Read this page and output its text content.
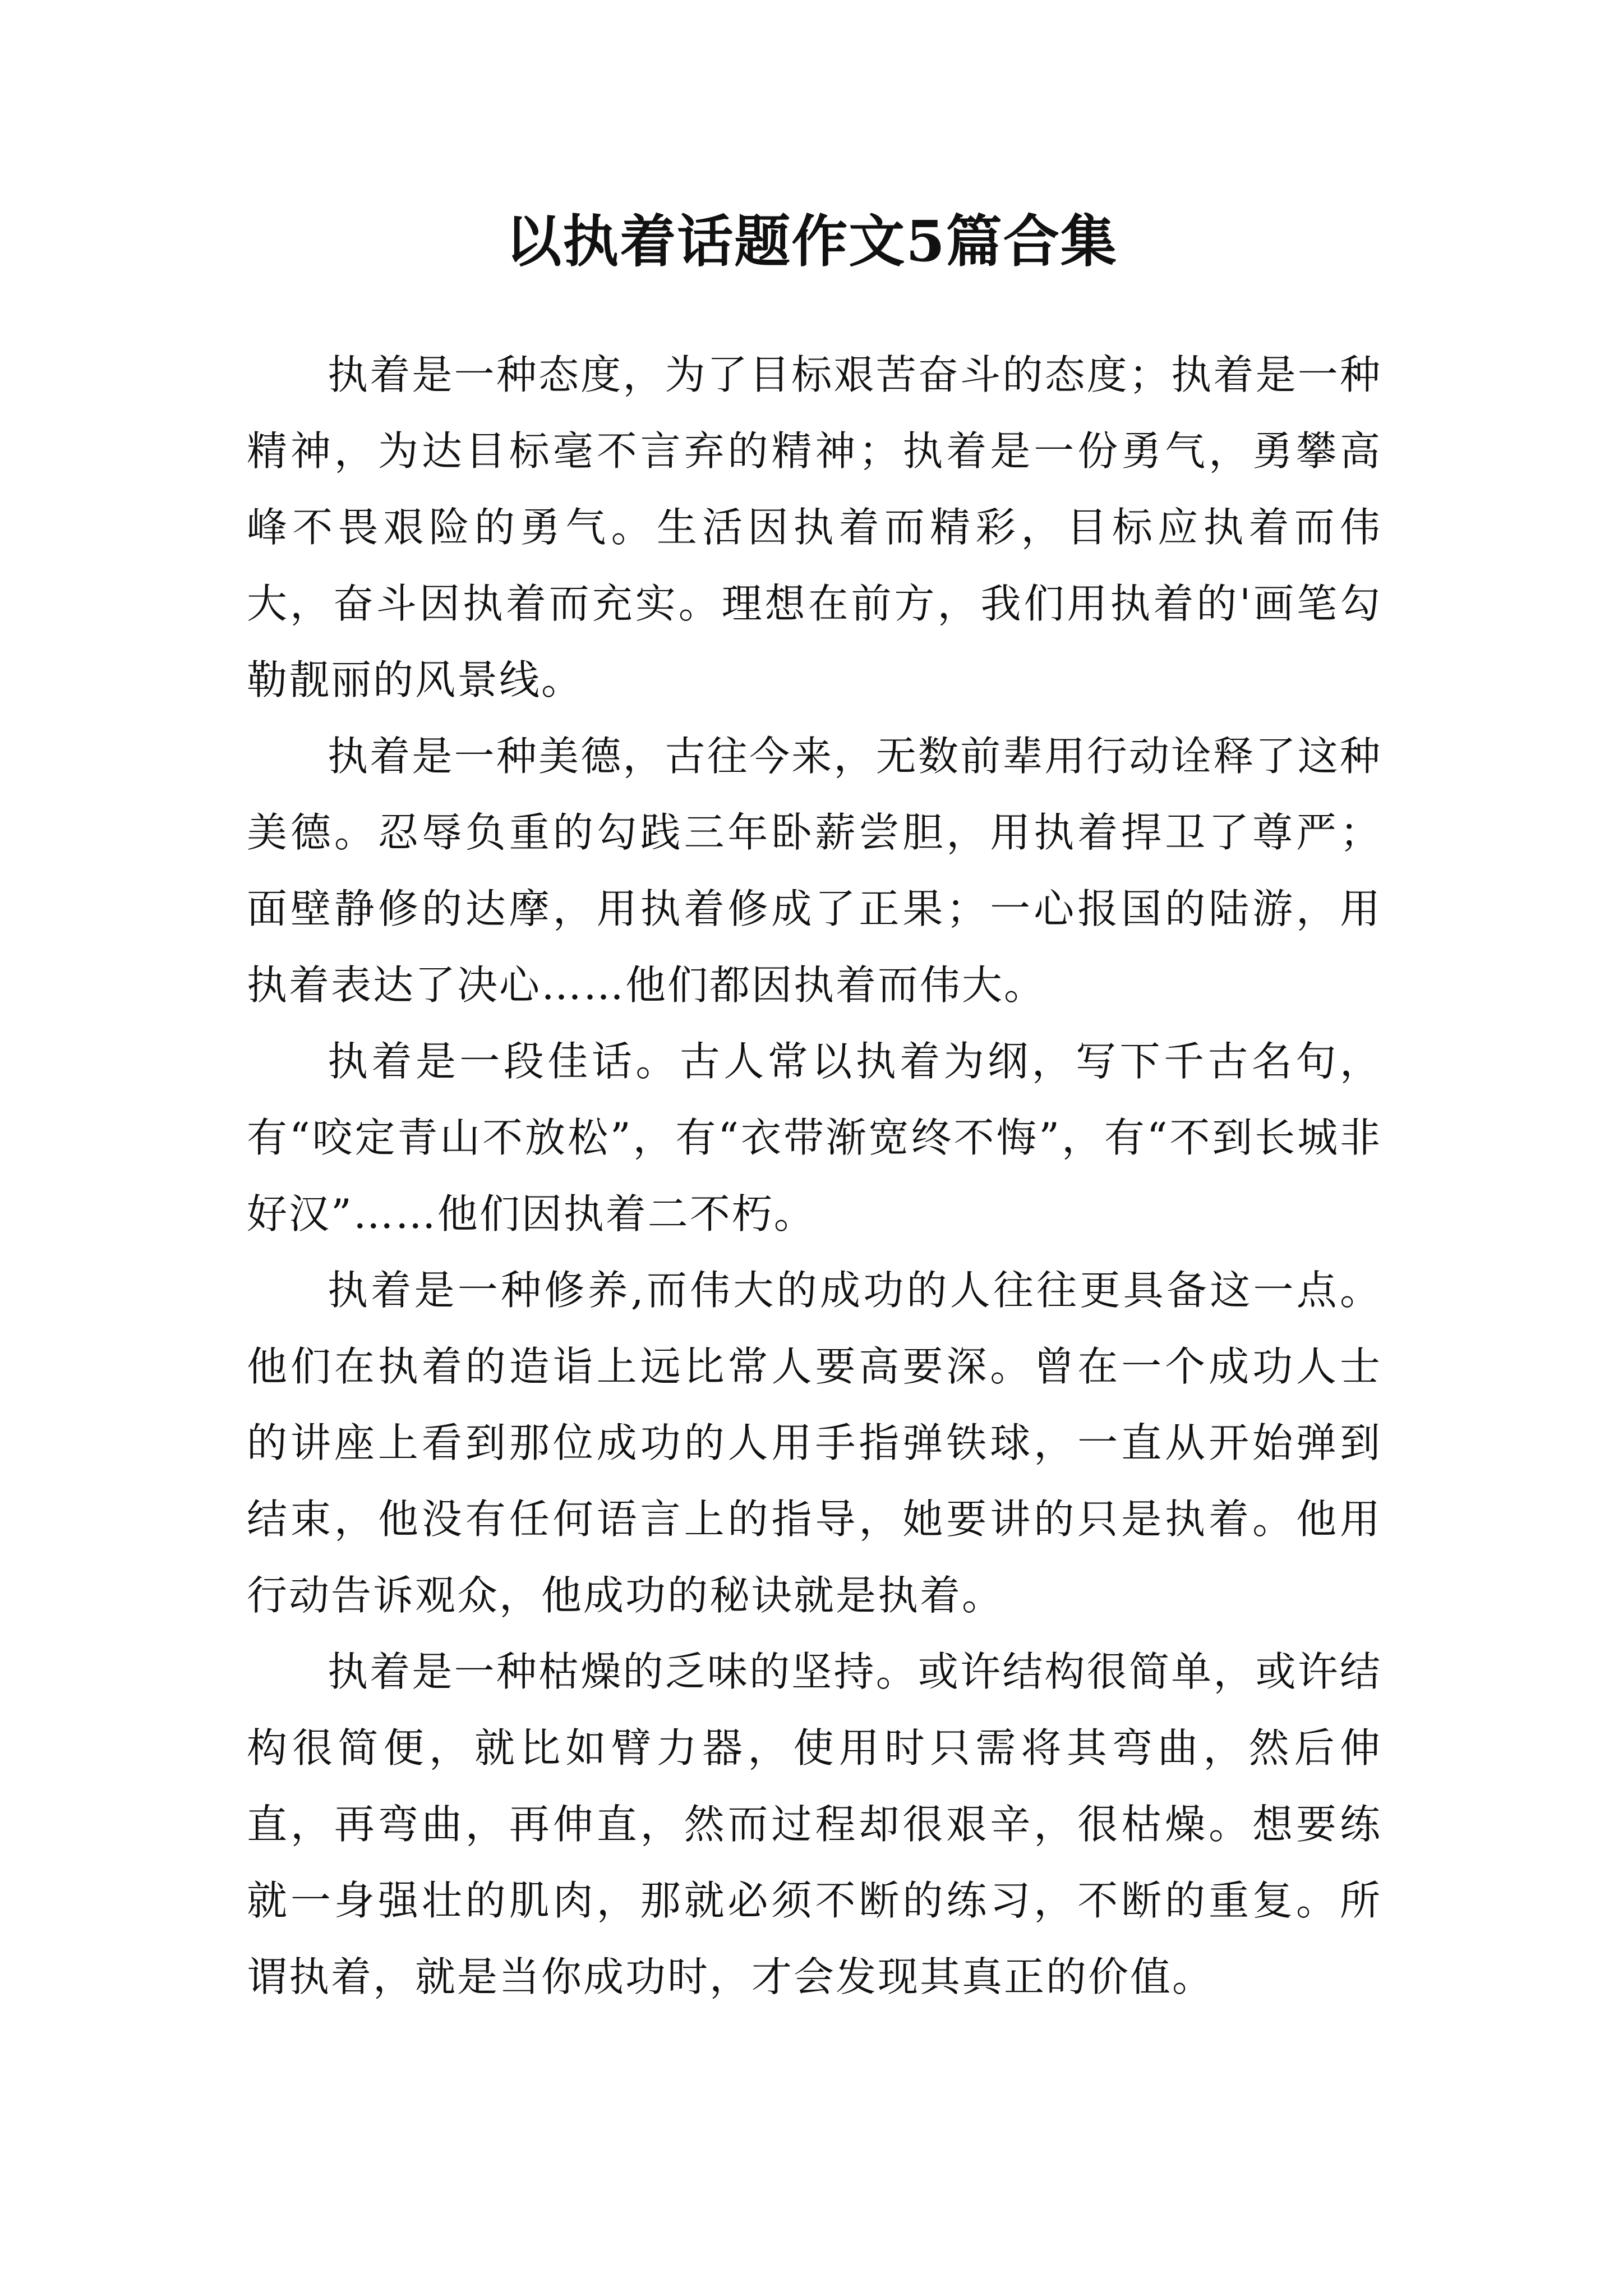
以执着话题作文5篇合集

执着是一种态度，为了目标艰苦奋斗的态度；执着是一种精神，为达目标毫不言弃的精神；执着是一份勇气，勇攀高峰不畏艰险的勇气。生活因执着而精彩，目标应执着而伟大，奋斗因执着而充实。理想在前方，我们用执着的'画笔勾勒靓丽的风景线。

执着是一种美德，古往今来，无数前辈用行动诠释了这种美德。忍辱负重的勾践三年卧薪尝胆，用执着捍卫了尊严；面壁静修的达摩，用执着修成了正果；一心报国的陆游，用执着表达了决心……他们都因执着而伟大。

执着是一段佳话。古人常以执着为纲，写下千古名句，有“咬定青山不放松”，有“衣带渐宽终不悔”，有“不到长城非好汉”……他们因执着二不朽。

执着是一种修养,而伟大的成功的人往往更具备这一点。他们在执着的造诣上远比常人要高要深。曾在一个成功人士的讲座上看到那位成功的人用手指弹铁球，一直从开始弹到结束，他没有任何语言上的指导，她要讲的只是执着。他用行动告诉观众，他成功的秘诀就是执着。

执着是一种枯燥的乏味的坚持。或许结构很简单，或许结构很简便，就比如臂力器，使用时只需将其弯曲，然后伸直，再弯曲，再伸直，然而过程却很艰辛，很枯燥。想要练就一身强壮的肌肉，那就必须不断的练习，不断的重复。所谓执着，就是当你成功时，才会发现其真正的价值。
